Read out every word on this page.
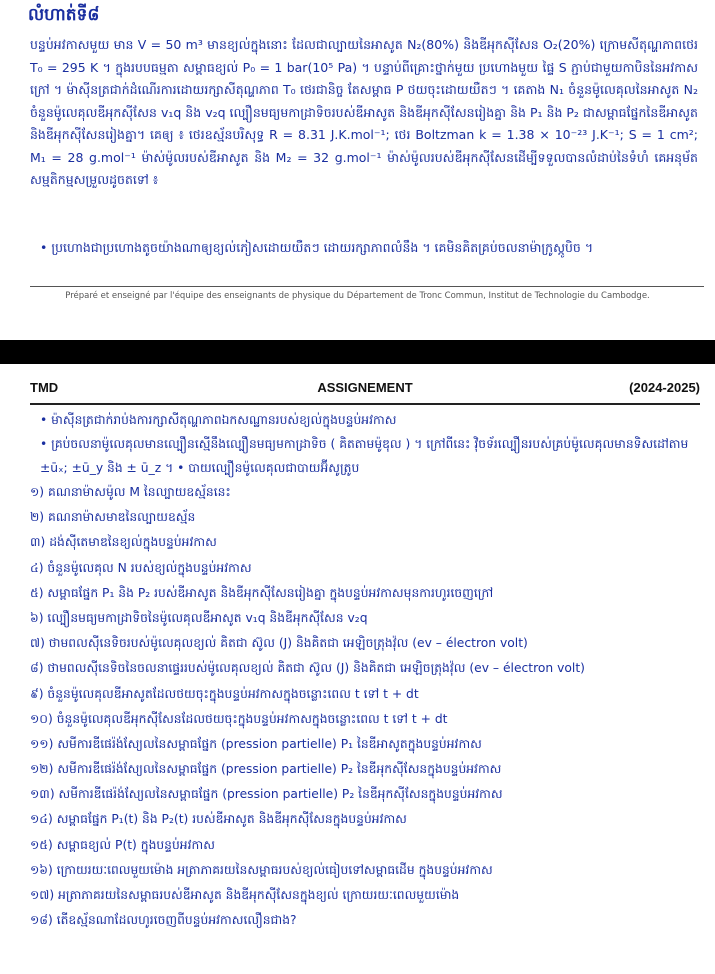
លំហាត់ទី៨
បន្ទប់អវកាសមួយ មាន V = 50 m³ មានខ្យល់ក្នុងនោះ ដែលជាល្បាយនៃអាសូត N₂(80%) និងឌីអុកស៊ីសែន O₂(20%) ក្រោមសីតុណ្ហភាពថេរ T₀ = 295 K ។ ក្នុងរបបធម្មតា សម្ពាធខ្យល់ P₀ = 1 bar(10⁵ Pa) ។ បន្ទាប់ពីគ្រោះថ្នាក់មួយ ប្រហោងមួយ ផ្ទៃ S ភ្ជាប់ជាមួយកាបិននៃអវកាសក្រៅ ។ ម៉ាស៊ីនត្រជាក់ដំណើរការដោយរក្សាសីតុណ្ហភាព T₀ ថេរជានិច្ច តែសម្ពាធ P ថយចុះដោយយឺតៗ ។ គេតាង N₁ ចំនួនម៉ូលេគុលនៃអាសូត N₂ ចំនួនម៉ូលេគុលឌីអុកស៊ីសែន v₁q និង v₂q ល្បឿនមធ្យមកាដ្រាទិចរបស់ឌីអាសូត និងឌីអុកស៊ីសែនរៀងគ្នា និង P₁ និង P₂ ជាសម្ពាធផ្នែកនៃឌីអាសូត និងឌីអុកស៊ីសែនរៀងគ្នា។ គេឲ្យ ៖ ថេរឧស្ម័នបរិសុទ្ធ R = 8.31 J.K.mol⁻¹; ថេរ Boltzman k = 1.38 × 10⁻²³ J.K⁻¹; S = 1 cm²; M₁ = 28 g.mol⁻¹ ម៉ាស់ម៉ូលរបស់ឌីអាសូត និង M₂ = 32 g.mol⁻¹ ម៉ាស់ម៉ូលរបស់ឌីអុកស៊ីសែនដើម្បីទទួលបានលំដាប់នៃទំហំ គេអនុម័តសម្មតិកម្មសម្រួលដូចតទៅ ៖
• ប្រហោងជាប្រហោងតូចយ៉ាងណាឲ្យខ្យល់ភៀសដោយយឺតៗ ដោយរក្សាភាពលំនឹង ។ គេមិនគិតគ្រប់ចលនាម៉ាក្រូស្កូបិច ។
Préparé et enseigné par l'équipe des enseignants de physique du Département de Tronc Commun, Institut de Technologie du Cambodge.
TMD	ASSIGNEMENT	(2024-2025)
• ម៉ាស៊ីនត្រជាក់រាប់ងការក្សាសីតុណ្ហភាពឯកសណ្ឋានរបស់ខ្យល់ក្នុងបន្ទប់អវកាស
• គ្រប់ចលនាម៉ូលេគុលមានល្បឿនស្មើនឹងល្បឿនមធ្យមកាដ្រាទិច ( គិតតាមម៉ូឌុល ) ។ ក្រៅពីនេះ វ៉ិចទ័រល្បឿនរបស់គ្រប់ម៉ូលេគុលមានទិសដៅតាម ±ūₓ; ±ū_y និង ± ū_z ។ • បាយល្បឿនម៉ូលេគុលជាបាយអ៊ីសូត្រូប
១) គណនាម៉ាសម៉ូល M នៃល្បាយឧស្ម័ននេះ
២) គណនាម៉ាសមាឌនៃល្បាយឧស្ម័ន
៣) ដង់ស៊ីតេមាឌនៃខ្យល់ក្នុងបន្ទប់អវកាស
៤) ចំនួនម៉ូលេគុល N របស់ខ្យល់ក្នុងបន្ទប់អវកាស
៥) សម្ពាធផ្នែក P₁ និង P₂ របស់ឌីអាសូត និងឌីអុកស៊ីសែនរៀងគ្នា ក្នុងបន្ទប់អវកាសមុនការហូរចេញក្រៅ
៦) ល្បឿនមធ្យមកាដ្រាទិចនៃម៉ូលេគុលឌីអាសូត v₁q និងឌីអុកស៊ីសែន v₂q
៧) ថាមពលស៊ីនេទិចរបស់ម៉ូលេគុលខ្យល់ គិតជា ស៊ូល (J) និងគិតជា អេឡិចត្រុងវ៉ុល (ev – électron volt)
៨) ថាមពលស៊ីនេទិចនៃចលនាផ្ទេររបស់ម៉ូលេគុលខ្យល់ គិតជា ស៊ូល (J) និងគិតជា អេឡិចត្រុងវ៉ុល (ev – électron volt)
៩) ចំនួនម៉ូលេគុលឌីអាសូតដែលថយចុះក្នុងបន្ទប់អវកាសក្នុងចន្លោះពេល t ទៅ t + dt
១០) ចំនួនម៉ូលេគុលឌីអុកស៊ីសែនដែលថយចុះក្នុងបន្ទប់អវកាសក្នុងចន្លោះពេល t ទៅ t + dt
១១) សមីការឌីផេរ៉ង់ស្យែលនៃសម្ពាធផ្នែក (pression partielle) P₁ នៃឌីអាសូតក្នុងបន្ទប់អវកាស
១២) សមីការឌីផេរ៉ង់ស្យែលនៃសម្ពាធផ្នែក (pression partielle) P₂ នៃឌីអុកស៊ីសែនក្នុងបន្ទប់អវកាស
១៣) សមីការឌីផេរ៉ង់ស្យែលនៃសម្ពាធផ្នែក (pression partielle) P₂ នៃឌីអុកស៊ីសែនក្នុងបន្ទប់អវកាស
១៤) សម្ពាធផ្នែក P₁(t) និង P₂(t) របស់ឌីអាសូត និងឌីអុកស៊ីសែនក្នុងបន្ទប់អវកាស
១៥) សម្ពាធខ្យល់ P(t) ក្នុងបន្ទប់អវកាស
១៦) ក្រោយរយៈពេលមួយម៉ោង អត្រាភាគរយនៃសម្ពាធរបស់ខ្យល់ធៀបទៅសម្ពាធដើម ក្នុងបន្ទប់អវកាស
១៧) អត្រាភាគរយនៃសម្ពាធរបស់ឌីអាសូត និងឌីអុកស៊ីសែនក្នុងខ្យល់ ក្រោយរយៈពេលមួយម៉ោង
១៨) តើឧស្ម័នណាដែលហូរចេញពីបន្ទប់អវកាសលឿនជាង?
